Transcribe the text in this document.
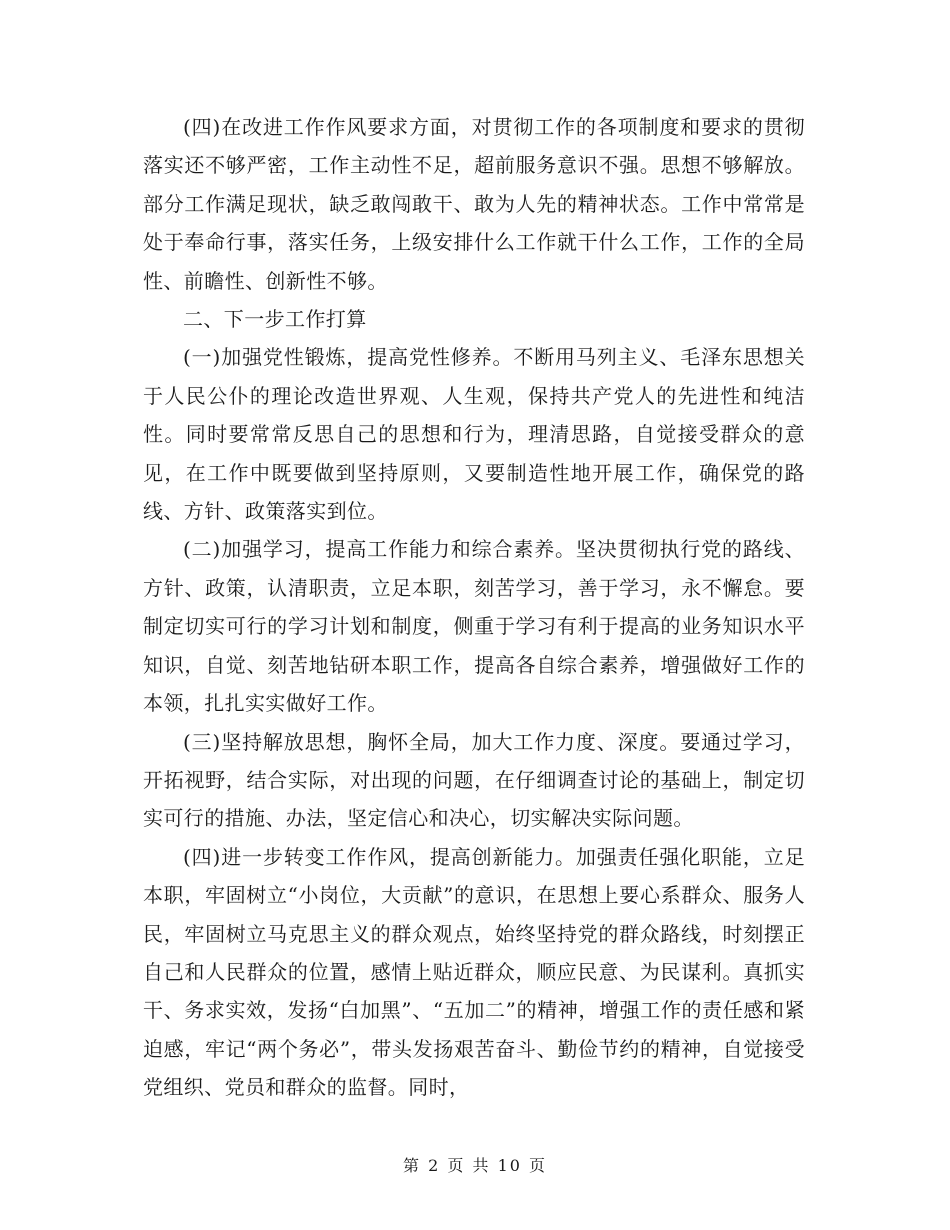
(四)在改进工作作风要求方面，对贯彻工作的各项制度和要求的贯彻落实还不够严密，工作主动性不足，超前服务意识不强。思想不够解放。部分工作满足现状，缺乏敢闯敢干、敢为人先的精神状态。工作中常常是处于奉命行事，落实任务，上级安排什么工作就干什么工作，工作的全局性、前瞻性、创新性不够。

二、下一步工作打算

(一)加强党性锻炼，提高党性修养。不断用马列主义、毛泽东思想关于人民公仆的理论改造世界观、人生观，保持共产党人的先进性和纯洁性。同时要常常反思自己的思想和行为，理清思路，自觉接受群众的意见，在工作中既要做到坚持原则，又要制造性地开展工作，确保党的路线、方针、政策落实到位。

(二)加强学习，提高工作能力和综合素养。坚决贯彻执行党的路线、方针、政策，认清职责，立足本职，刻苦学习，善于学习，永不懈怠。要制定切实可行的学习计划和制度，侧重于学习有利于提高的业务知识水平知识，自觉、刻苦地钻研本职工作，提高各自综合素养，增强做好工作的本领，扎扎实实做好工作。

(三)坚持解放思想，胸怀全局，加大工作力度、深度。要通过学习，开拓视野，结合实际，对出现的问题，在仔细调查讨论的基础上，制定切实可行的措施、办法，坚定信心和决心，切实解决实际问题。

(四)进一步转变工作作风，提高创新能力。加强责任强化职能，立足本职，牢固树立“小岗位，大贡献”的意识，在思想上要心系群众、服务人民，牢固树立马克思主义的群众观点，始终坚持党的群众路线，时刻摆正自己和人民群众的位置，感情上贴近群众，顺应民意、为民谋利。真抓实干、务求实效，发扬“白加黑”、“五加二”的精神，增强工作的责任感和紧迫感，牢记“两个务必”，带头发扬艰苦奋斗、勤俭节约的精神，自觉接受党组织、党员和群众的监督。同时，

第 2 页 共 10 页
